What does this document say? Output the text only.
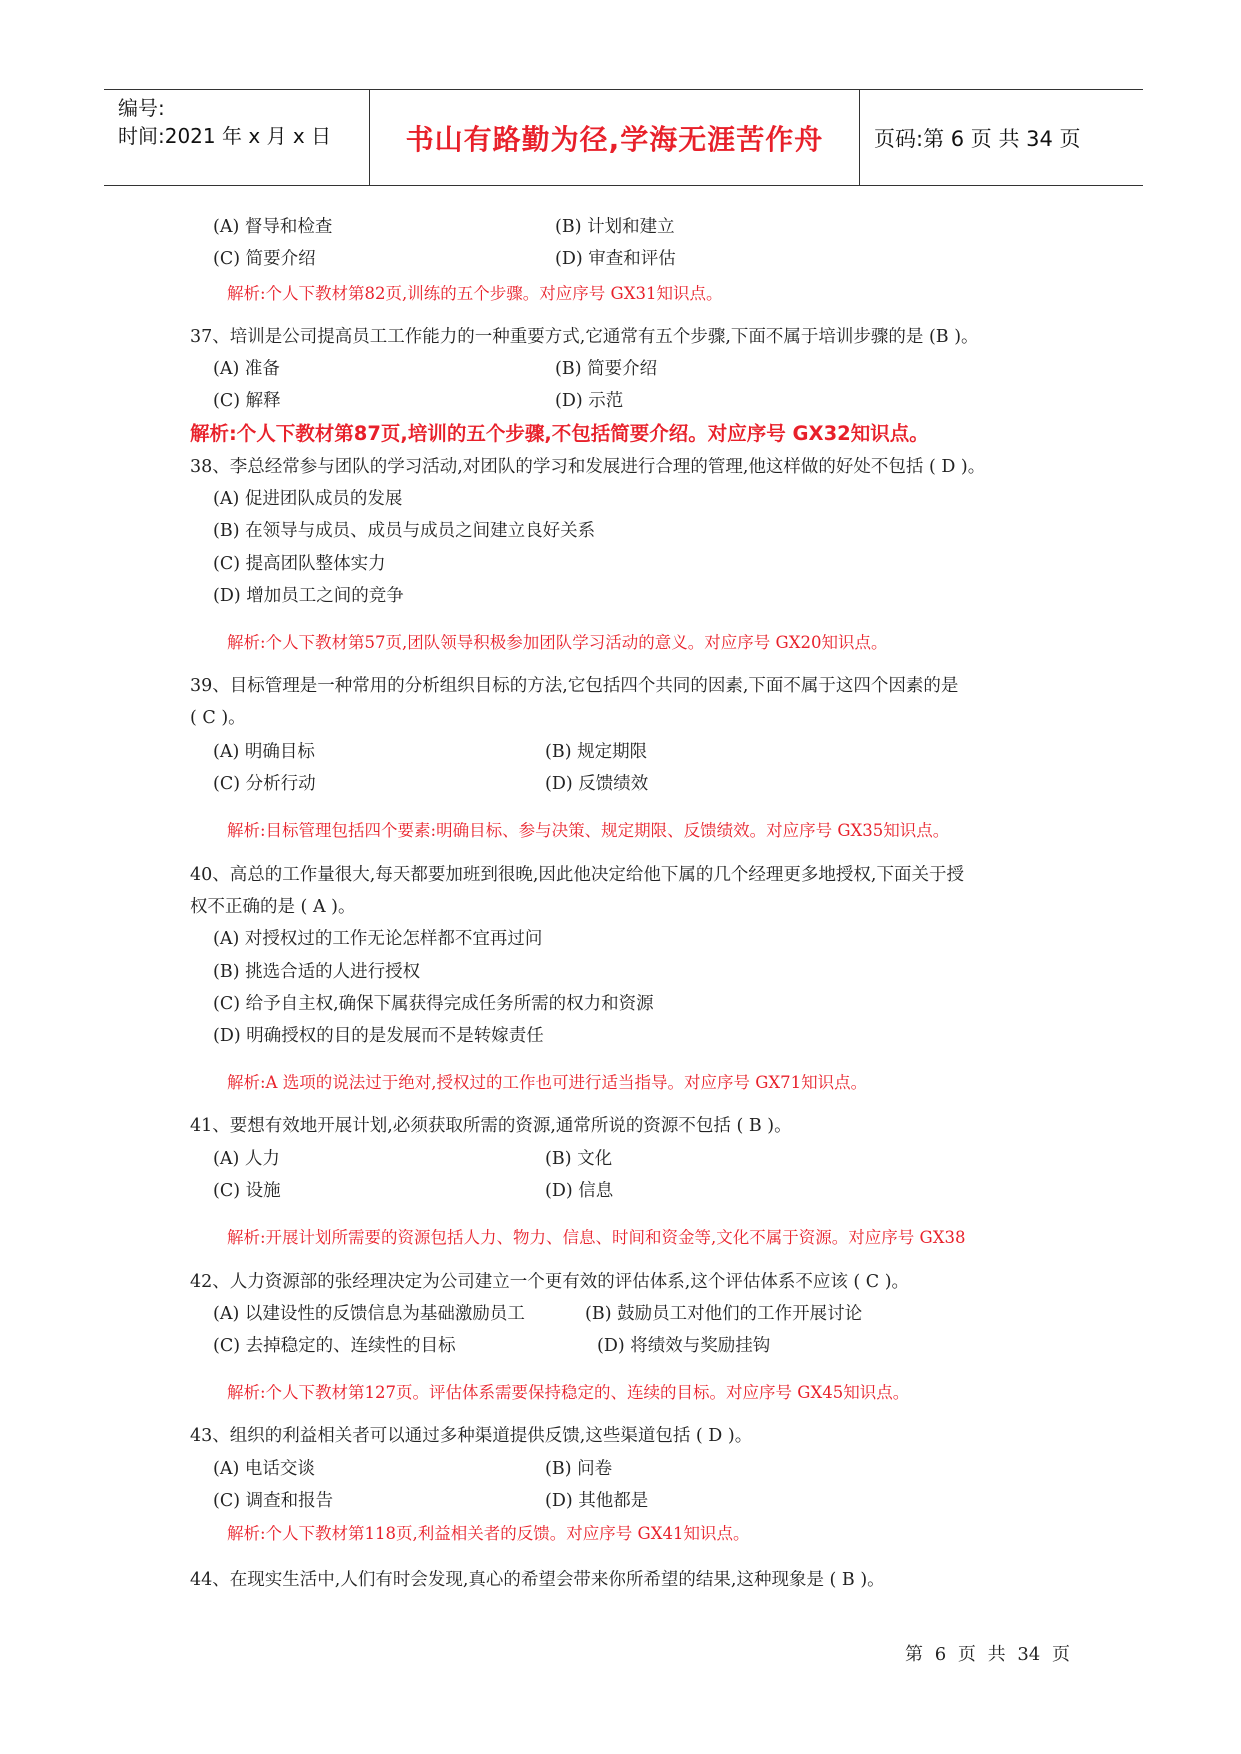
编号:
时间:2021 年 x 月 x 日	书山有路勤为径,学海无涯苦作舟	页码:第 6 页 共 34 页
(A) 督导和检查	(B) 计划和建立
(C) 简要介绍	(D) 审查和评估
解析:个人下教材第82页,训练的五个步骤。对应序号 GX31知识点。
37、培训是公司提高员工工作能力的一种重要方式,它通常有五个步骤,下面不属于培训步骤的是 (B )。
(A) 准备	(B) 简要介绍
(C) 解释	(D) 示范
解析:个人下教材第87页,培训的五个步骤,不包括简要介绍。对应序号 GX32知识点。
38、李总经常参与团队的学习活动,对团队的学习和发展进行合理的管理,他这样做的好处不包括 ( D )。
(A) 促进团队成员的发展
(B) 在领导与成员、成员与成员之间建立良好关系
(C) 提高团队整体实力
(D) 增加员工之间的竞争
解析:个人下教材第57页,团队领导积极参加团队学习活动的意义。对应序号 GX20知识点。
39、目标管理是一种常用的分析组织目标的方法,它包括四个共同的因素,下面不属于这四个因素的是
( C )。
(A) 明确目标	(B) 规定期限
(C) 分析行动	(D) 反馈绩效
解析:目标管理包括四个要素:明确目标、参与决策、规定期限、反馈绩效。对应序号 GX35知识点。
40、高总的工作量很大,每天都要加班到很晚,因此他决定给他下属的几个经理更多地授权,下面关于授
权不正确的是 ( A )。
(A) 对授权过的工作无论怎样都不宜再过问
(B) 挑选合适的人进行授权
(C) 给予自主权,确保下属获得完成任务所需的权力和资源
(D) 明确授权的目的是发展而不是转嫁责任
解析:A 选项的说法过于绝对,授权过的工作也可进行适当指导。对应序号 GX71知识点。
41、要想有效地开展计划,必须获取所需的资源,通常所说的资源不包括 ( B )。
(A) 人力	(B) 文化
(C) 设施	(D) 信息
解析:开展计划所需要的资源包括人力、物力、信息、时间和资金等,文化不属于资源。对应序号 GX38
42、人力资源部的张经理决定为公司建立一个更有效的评估体系,这个评估体系不应该 ( C )。
(A) 以建设性的反馈信息为基础激励员工	(B) 鼓励员工对他们的工作开展讨论
(C) 去掉稳定的、连续性的目标	(D) 将绩效与奖励挂钩
解析:个人下教材第127页。评估体系需要保持稳定的、连续的目标。对应序号 GX45知识点。
43、组织的利益相关者可以通过多种渠道提供反馈,这些渠道包括 ( D )。
(A) 电话交谈	(B) 问卷
(C) 调查和报告	(D) 其他都是
解析:个人下教材第118页,利益相关者的反馈。对应序号 GX41知识点。
44、在现实生活中,人们有时会发现,真心的希望会带来你所希望的结果,这种现象是 ( B )。
第 6 页 共 34 页
